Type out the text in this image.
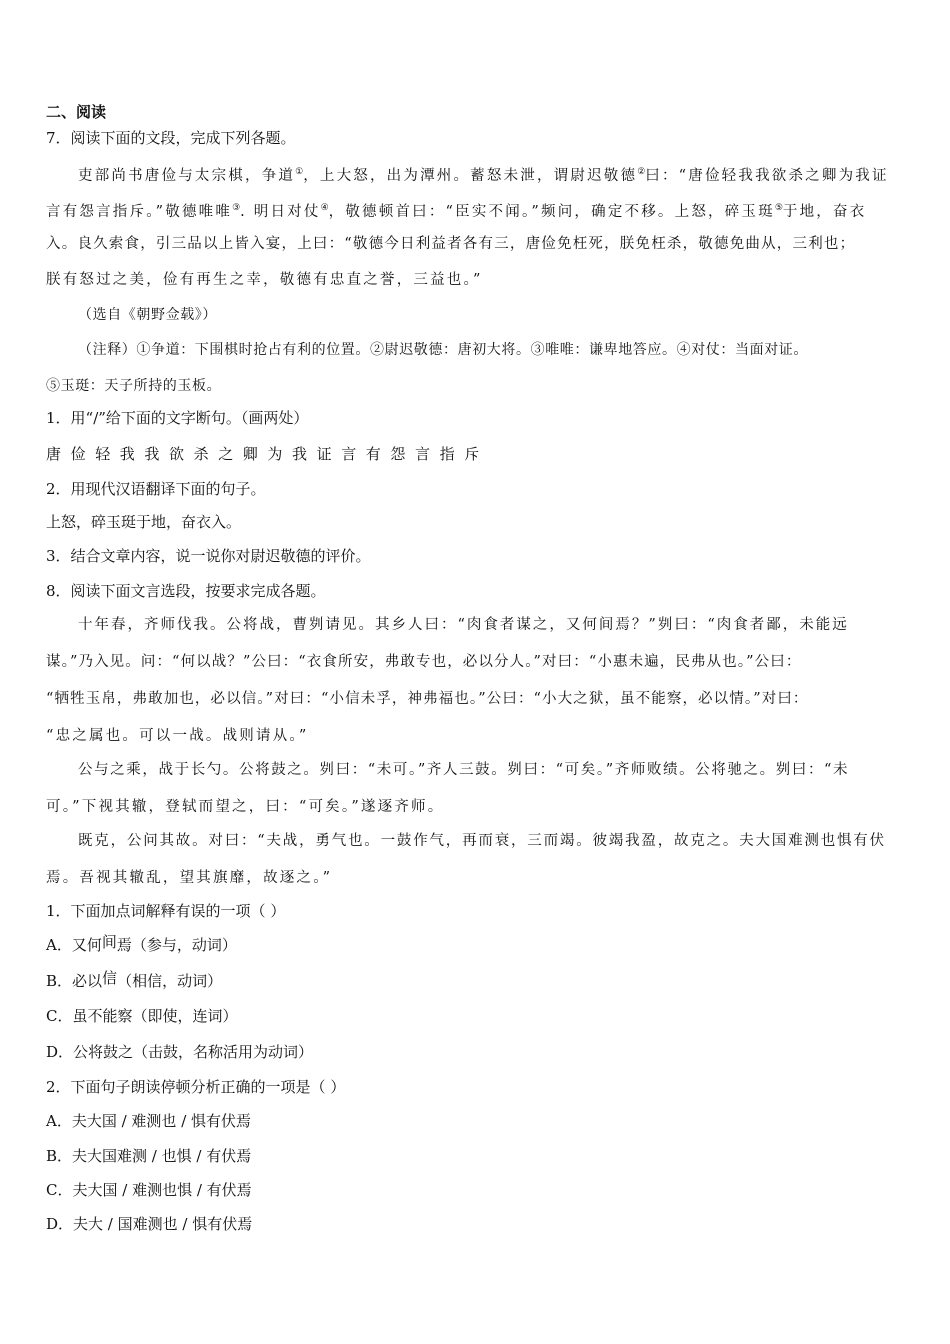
二、阅读
7．阅读下面的文段，完成下列各题。
吏部尚书唐俭与太宗棋，争道①，上大怒，出为潭州。蓄怒未泄，谓尉迟敬德②曰：“唐俭轻我我欲杀之卿为我证
言有怨言指斥。”敬德唯唯③. 明日对仗④，敬德顿首曰：“臣实不闻。”频问，确定不移。上怒，碎玉珽⑤于地，奋衣
入。良久索食，引三品以上皆入宴，上曰：“敬德今日利益者各有三，唐俭免枉死，朕免枉杀，敬德免曲从，三利也；
朕有怒过之美，俭有再生之幸，敬德有忠直之誉，三益也。”
（选自《朝野佥载》）
（注释）①争道：下围棋时抢占有利的位置。②尉迟敬德：唐初大将。③唯唯：谦卑地答应。④对仗：当面对证。
⑤玉珽：天子所持的玉板。
1．用“/”给下面的文字断句。（画两处）
唐俭轻我我欲杀之卿为我证言有怨言指斥
2．用现代汉语翻译下面的句子。
上怒，碎玉珽于地，奋衣入。
3．结合文章内容，说一说你对尉迟敬德的评价。
8．阅读下面文言选段，按要求完成各题。
十年春，齐师伐我。公将战，曹刿请见。其乡人曰：“肉食者谋之，又何间焉？”刿曰：“肉食者鄙，未能远
谋。”乃入见。问：“何以战？”公曰：“衣食所安，弗敢专也，必以分人。”对曰：“小惠未遍，民弗从也。”公曰：
“牺牲玉帛，弗敢加也，必以信。”对曰：“小信未孚，神弗福也。”公曰：“小大之狱，虽不能察，必以情。”对曰：
“忠之属也。可以一战。战则请从。”
公与之乘，战于长勺。公将鼓之。刿曰：“未可。”齐人三鼓。刿曰：“可矣。”齐师败绩。公将驰之。刿曰：“未
可。”下视其辙，登轼而望之，曰：“可矣。”遂逐齐师。
既克，公问其故。对曰：“夫战，勇气也。一鼓作气，再而衰，三而竭。彼竭我盈，故克之。夫大国难测也惧有伏
焉。吾视其辙乱，望其旗靡，故逐之。”
1．下面加点词解释有误的一项（ ）
A．又何间焉（参与，动词）
B．必以信（相信，动词）
C．虽不能察（即使，连词）
D．公将鼓之（击鼓，名称活用为动词）
2．下面句子朗读停顿分析正确的一项是（ ）
A．夫大国 / 难测也 / 惧有伏焉
B．夫大国难测 / 也惧 / 有伏焉
C．夫大国 / 难测也惧 / 有伏焉
D．夫大 / 国难测也 / 惧有伏焉
